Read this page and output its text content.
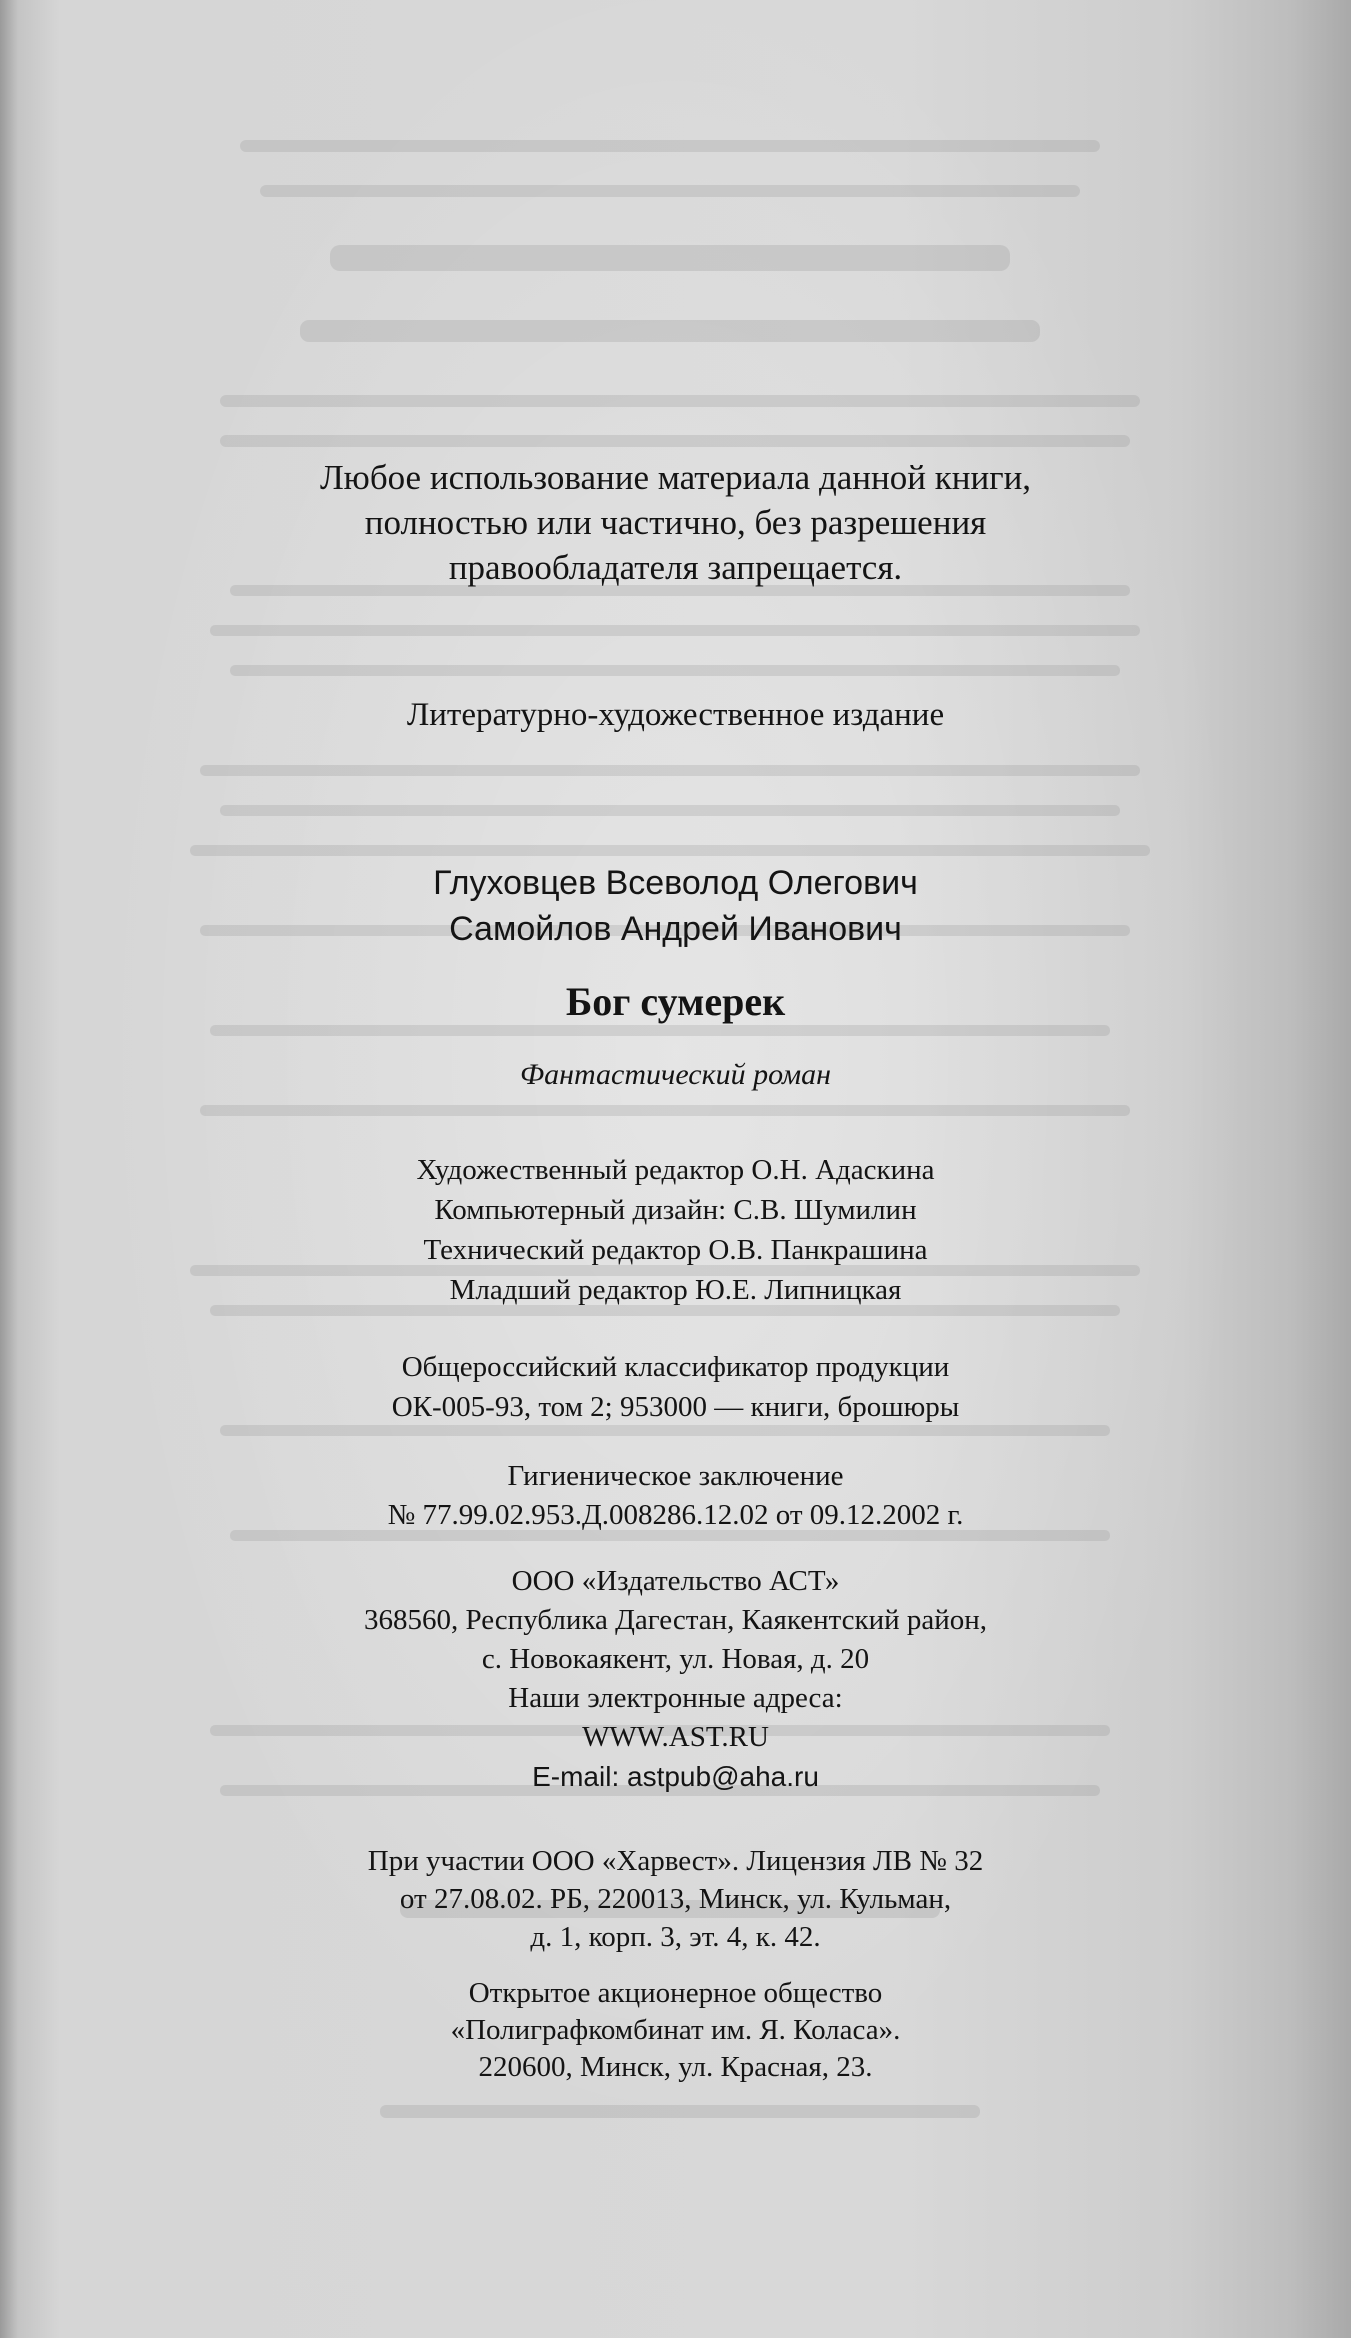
Любое использование материала данной книги,
полностью или частично, без разрешения
правообладателя запрещается.
Литературно-художественное издание
Глуховцев Всеволод Олегович
Самойлов Андрей Иванович
Бог сумерек
Фантастический роман
Художественный редактор О.Н. Адаскина
Компьютерный дизайн: С.В. Шумилин
Технический редактор О.В. Панкрашина
Младший редактор Ю.Е. Липницкая
Общероссийский классификатор продукции
ОК-005-93, том 2; 953000 — книги, брошюры
Гигиеническое заключение
№ 77.99.02.953.Д.008286.12.02 от 09.12.2002 г.
ООО «Издательство АСТ»
368560, Республика Дагестан, Каякентский район,
с. Новокаякент, ул. Новая, д. 20
Наши электронные адреса:
WWW.AST.RU
E-mail: astpub@aha.ru
При участии ООО «Харвест». Лицензия ЛВ № 32
от 27.08.02. РБ, 220013, Минск, ул. Кульман,
д. 1, корп. 3, эт. 4, к. 42.
Открытое акционерное общество
«Полиграфкомбинат им. Я. Коласа».
220600, Минск, ул. Красная, 23.
